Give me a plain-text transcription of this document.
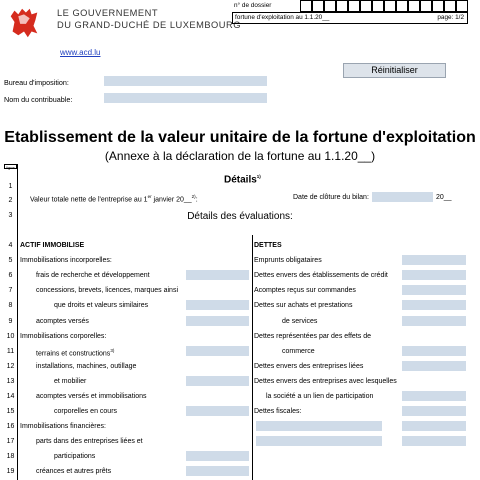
LE GOUVERNEMENT
DU GRAND-DUCHÉ DE LUXEMBOURG
n° de dossier
fortune d'exploitation au 1.1.20__	page: 1/2
www.acd.lu
Réinitialiser
Bureau d'imposition:
Nom du contribuable:
Etablissement de la valeur unitaire de la fortune d'exploitation
(Annexe à la déclaration de la fortune au 1.1.20__)
ligne
Détails$^{1)}$
Valeur totale nette de l'entreprise au 1er janvier 20__$^{2)}$:	Date de clôture du bilan:	20__
Détails des évaluations:
1
2
3
4	ACTIF IMMOBILISE	DETTES
5	Immobilisations incorporelles:	Emprunts obligataires
6	frais de recherche et développement	Dettes envers des établissements de crédit
7	concessions, brevets, licences, marques ainsi	Acomptes reçus sur commandes
8	que droits et valeurs similaires	Dettes sur achats et prestations
9	acomptes versés	de services
10 Immobilisations corporelles:	Dettes représentées par des effets de
11	terrains et constructions$^{3)}$	commerce
12	installations, machines, outillage	Dettes envers des entreprises liées
13	et mobilier	Dettes envers des entreprises avec lesquelles
14	acomptes versés et immobilisations	la société a un lien de participation
15	corporelles en cours	Dettes fiscales:
16 Immobilisations financières:
17	parts dans des entreprises liées et
18	participations
19	créances et autres prêts
